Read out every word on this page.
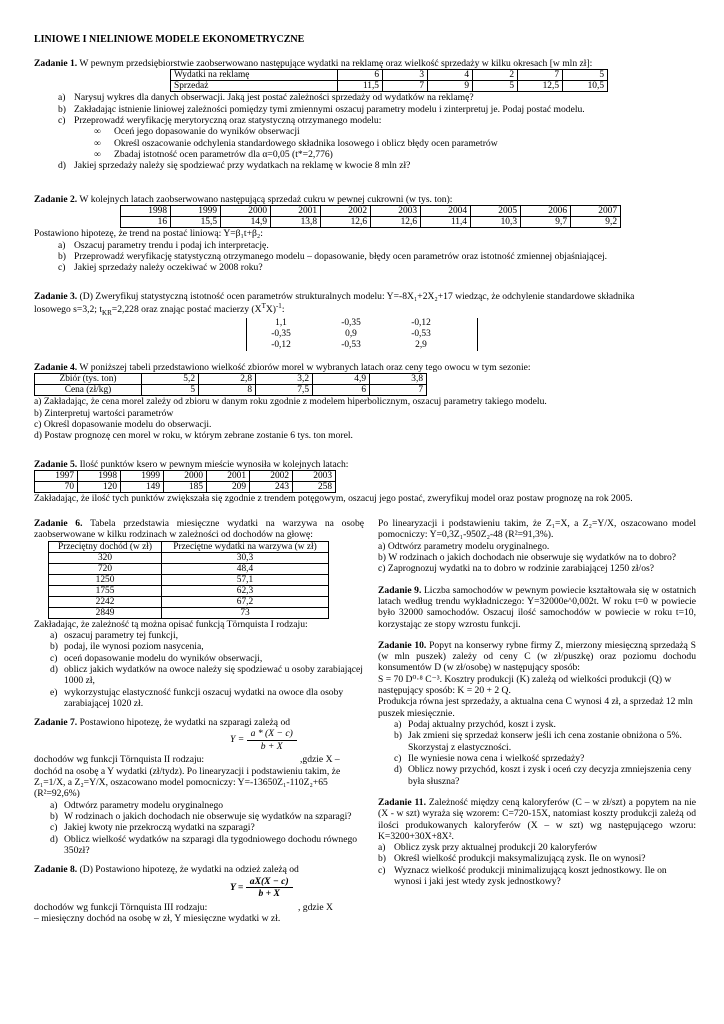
LINIOWE I NIELINIOWE MODELE EKONOMETRYCZNE

Zadanie 1. W pewnym przedsiębiorstwie zaobserwowano następujące wydatki na reklamę oraz wielkość sprzedaży w kilku okresach [w mln zł]:

Wydatki na reklamę	6	3	4	2	7	5
Sprzedaż	11,5	7	9	5	12,5	10,5
a) Narysuj wykres dla danych obserwacji. Jaką jest postać zależności sprzedaży od wydatków na reklamę?
b) Zakładając istnienie liniowej zależności pomiędzy tymi zmiennymi oszacuj parametry modelu i zinterpretuj je. Podaj postać modelu.
c) Przeprowadź weryfikację merytoryczną oraz statystyczną otrzymanego modelu:
∞ Oceń jego dopasowanie do wyników obserwacji
∞ Określ oszacowanie odchylenia standardowego składnika losowego i oblicz błędy ocen parametrów
∞ Zbadaj istotność ocen parametrów dla α=0,05 (t*=2,776)
d) Jakiej sprzedaży należy się spodziewać przy wydatkach na reklamę w kwocie 8 mln zł?

Zadanie 2. W kolejnych latach zaobserwowano następującą sprzedaż cukru w pewnej cukrowni (w tys. ton):

1998	1999	2000	2001	2002	2003	2004	2005	2006	2007
16	15,5	14,9	13,8	12,6	12,6	11,4	10,3	9,7	9,2

Postawiono hipotezę, że trend na postać liniową: Y=β₁t+β₂:

a) Oszacuj parametry trendu i podaj ich interpretację.
b) Przeprowadź weryfikację statystyczną otrzymanego modelu – dopasowanie, błędy ocen parametrów oraz istotność zmiennej objaśniającej.
c) Jakiej sprzedaży należy oczekiwać w 2008 roku?

Zadanie 3. (D) Zweryfikuj statystyczną istotność ocen parametrów strukturalnych modelu: Y=-8X₁+2X₂+17 wiedząc, że odchylenie standardowe składnika
losowego s=3,2; $t_{KR}=2,228$ oraz znając postać macierzy $(X^TX)^{-1}$:

1,1	-0,35	-0,12
-0,35	0,9	-0,53
-0,12	-0,53	2,9

Zadanie 4. W poniższej tabeli przedstawiono wielkość zbiorów morel w wybranych latach oraz ceny tego owocu w tym sezonie:

Zbiór (tys. ton)	5,2	2,8	3,2	4,9	3,8
Cena (zł/kg)	5	8	7,5	6	7

a) Zakładając, że cena morel zależy od zbioru w danym roku zgodnie z modelem hiperbolicznym, oszacuj parametry takiego modelu.

b) Zinterpretuj wartości parametrów

c) Określ dopasowanie modelu do obserwacji.

d) Postaw prognozę cen morel w roku, w którym zebrane zostanie 6 tys. ton morel.

Zadanie 5. Ilość punktów ksero w pewnym mieście wynosiła w kolejnych latach:

1997	1998	1999	2000	2001	2002	2003
70	120	149	185	209	243	258

Zakładając, że ilość tych punktów zwiększała się zgodnie z trendem potęgowym, oszacuj jego postać, zweryfikuj model oraz postaw prognozę na rok 2005.

Zadanie 6. Tabela przedstawia miesięczne wydatki na warzywa na osobę zaobserwowane w kilku rodzinach w zależności od dochodów na głowę:

Przeciętny dochód (w zł)	Przeciętne wydatki na warzywa (w zł)
320	30,3
720	48,4
1250	57,1
1755	62,3
2242	67,2
2849	73

Zakładając, że zależność tą można opisać funkcją Törnquista I rodzaju:

a) oszacuj parametry tej funkcji,
b) podaj, ile wynosi poziom nasycenia,
c) oceń dopasowanie modelu do wyników obserwacji,
d) oblicz jakich wydatków na owoce należy się spodziewać u osoby zarabiającej 1000 zł,
e) wykorzystując elastyczność funkcji oszacuj wydatki na owoce dla osoby zarabiającej 1020 zł.

Zadanie 7. Postawiono hipotezę, że wydatki na szparagi zależą od

$Y = \frac{a * (X - c)}{b + X}$

dochodów wg funkcji Törnquista II rodzaju:	,gdzie X –

dochód na osobę a Y wydatki (zł/tydz). Po linearyzacji i podstawieniu takim, że Z₁=1/X, a Z₂=Y/X, oszacowano model pomocniczy: Y=-13650Z₁-110Z₂+65 (R²=92,6%)

a) Odtwórz parametry modelu oryginalnego
b) W rodzinach o jakich dochodach nie obserwuje się wydatków na szparagi?
c) Jakiej kwoty nie przekroczą wydatki na szparagi?
d) Oblicz wielkość wydatków na szparagi dla tygodniowego dochodu równego 350zł?

Zadanie 8. (D) Postawiono hipotezę, że wydatki na odzież zależą od

$Y = \frac{aX(X - c)}{b + X}$

dochodów wg funkcji Törnquista III rodzaju:	, gdzie X

– miesięczny dochód na osobę w zł, Y miesięczne wydatki w zł.

Po linearyzacji i podstawieniu takim, że Z₁=X, a Z₂=Y/X, oszacowano model pomocniczy: Y=0,3Z₁-950Z₂-48 (R²=91,3%).

a) Odtwórz parametry modelu oryginalnego.

b) W rodzinach o jakich dochodach nie obserwuje się wydatków na to dobro?

c) Zaprognozuj wydatki na to dobro w rodzinie zarabiającej 1250 zł/os?

Zadanie 9. Liczba samochodów w pewnym powiecie kształtowała się w ostatnich latach według trendu wykładniczego: Y=32000e^0,002t. W roku t=0 w powiecie było 32000 samochodów. Oszacuj ilość samochodów w powiecie w roku t=10, korzystając ze stopy wzrostu funkcji.

Zadanie 10. Popyt na konserwy rybne firmy Z, mierzony miesięczną sprzedażą S (w mln puszek) zależy od ceny C (w zł/puszkę) oraz poziomu dochodu konsumentów D (w zł/osobę) w następujący sposób:

S = 70 D⁰·⁸ C⁻³. Kosztry produkcji (K) zależą od wielkości produkcji (Q) w następujący sposób: K = 20 + 2 Q.

Produkcja równa jest sprzedaży, a aktualna cena C wynosi 4 zł, a sprzedaż 12 mln puszek miesięcznie.

a) Podaj aktualny przychód, koszt i zysk.
b) Jak zmieni się sprzedaż konserw jeśli ich cena zostanie obniżona o 5%. Skorzystaj z elastyczności.
c) Ile wyniesie nowa cena i wielkość sprzedaży?
d) Oblicz nowy przychód, koszt i zysk i oceń czy decyzja zmniejszenia ceny była słuszna?

Zadanie 11. Zależność między ceną kaloryferów (C – w zł/szt) a popytem na nie (X - w szt) wyraża się wzorem: C=720-15X, natomiast koszty produkcji zależą od ilości produkowanych kaloryferów (X – w szt) wg następującego wzoru: K=3200+30X+8X².

a) Oblicz zysk przy aktualnej produkcji 20 kaloryferów
b) Określ wielkość produkcji maksymalizującą zysk. Ile on wynosi?
c) Wyznacz wielkość produkcji minimalizującą koszt jednostkowy. Ile on wynosi i jaki jest wtedy zysk jednostkowy?
